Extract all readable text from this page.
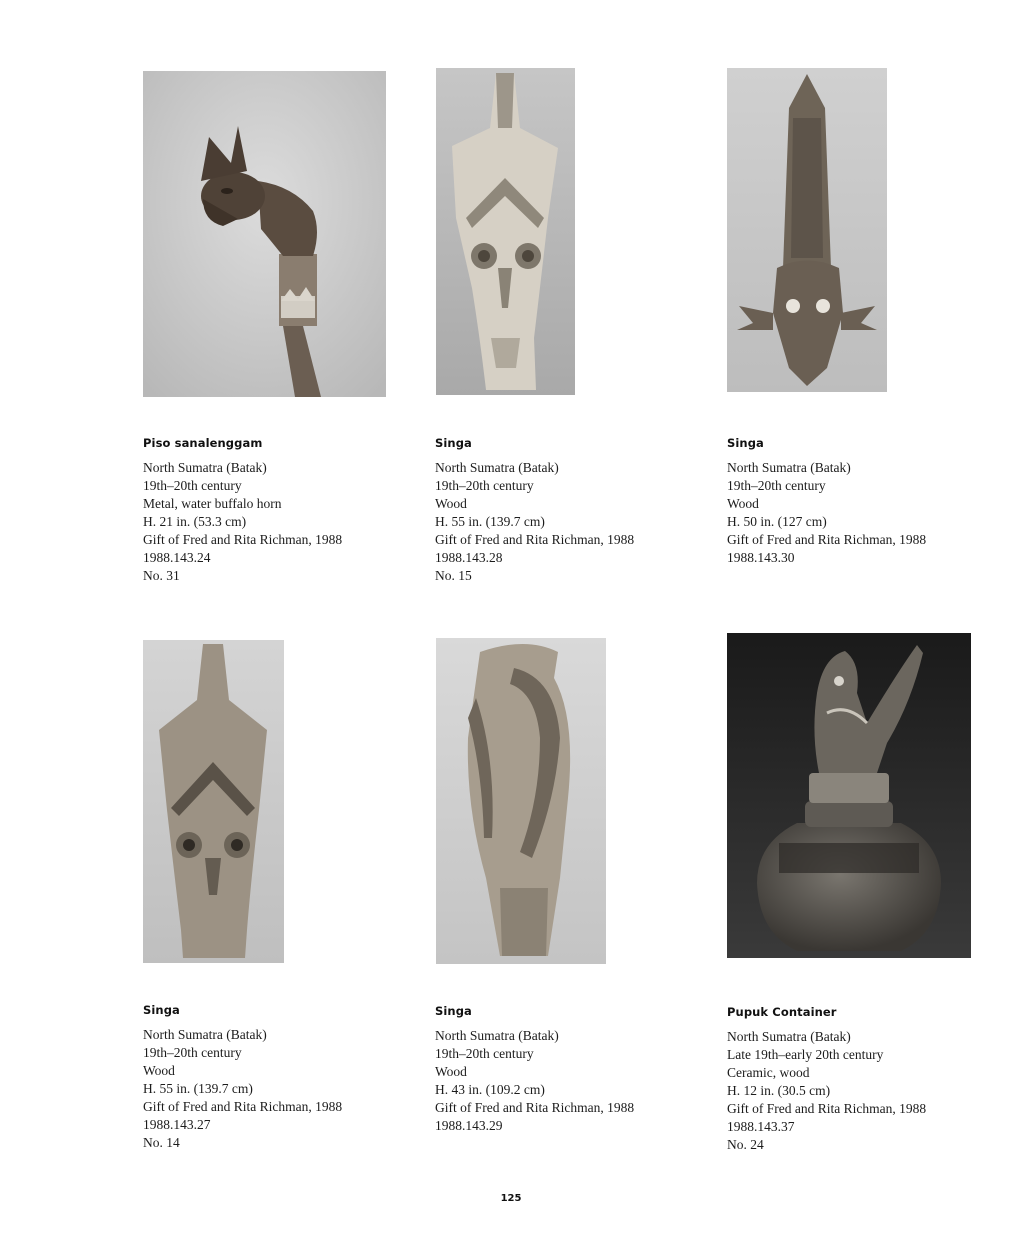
Piso sanalenggam
North Sumatra (Batak)
19th–20th century
Metal, water buffalo horn
H. 21 in. (53.3 cm)
Gift of Fred and Rita Richman, 1988
1988.143.24
No. 31
Singa
North Sumatra (Batak)
19th–20th century
Wood
H. 55 in. (139.7 cm)
Gift of Fred and Rita Richman, 1988
1988.143.28
No. 15
Singa
North Sumatra (Batak)
19th–20th century
Wood
H. 50 in. (127 cm)
Gift of Fred and Rita Richman, 1988
1988.143.30
Singa
North Sumatra (Batak)
19th–20th century
Wood
H. 55 in. (139.7 cm)
Gift of Fred and Rita Richman, 1988
1988.143.27
No. 14
Singa
North Sumatra (Batak)
19th–20th century
Wood
H. 43 in. (109.2 cm)
Gift of Fred and Rita Richman, 1988
1988.143.29
Pupuk Container
North Sumatra (Batak)
Late 19th–early 20th century
Ceramic, wood
H. 12 in. (30.5 cm)
Gift of Fred and Rita Richman, 1988
1988.143.37
No. 24
125
